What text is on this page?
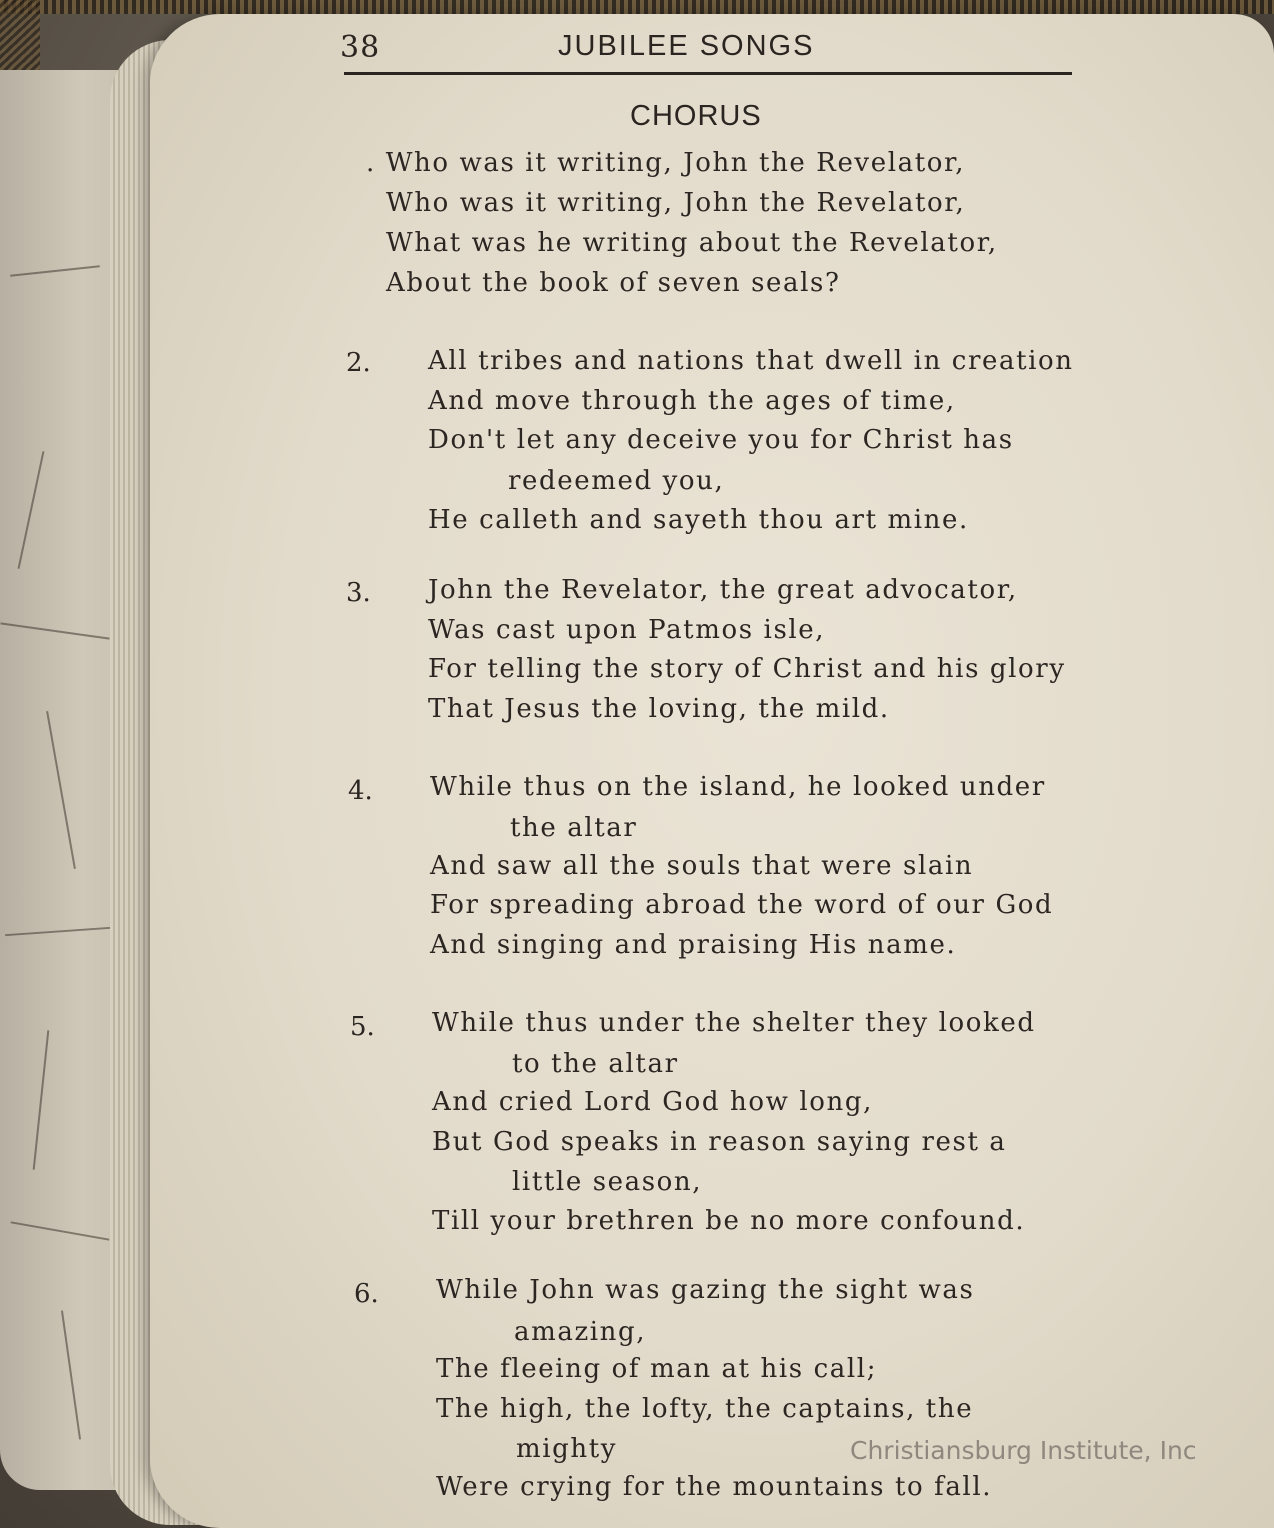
38	JUBILEE SONGS
CHORUS
. Who was it writing, John the Revelator,
Who was it writing, John the Revelator,
What was he writing about the Revelator,
About the book of seven seals?
2. All tribes and nations that dwell in creation
And move through the ages of time,
Don't let any deceive you for Christ has
redeemed you,
He calleth and sayeth thou art mine.
3. John the Revelator, the great advocator,
Was cast upon Patmos isle,
For telling the story of Christ and his glory
That Jesus the loving, the mild.
4. While thus on the island, he looked under
the altar
And saw all the souls that were slain
For spreading abroad the word of our God
And singing and praising His name.
5. While thus under the shelter they looked
to the altar
And cried Lord God how long,
But God speaks in reason saying rest a
little season,
Till your brethren be no more confound.
6. While John was gazing the sight was
amazing,
The fleeing of man at his call;
The high, the lofty, the captains, the
mighty
Were crying for the mountains to fall.
Christiansburg Institute, Inc
